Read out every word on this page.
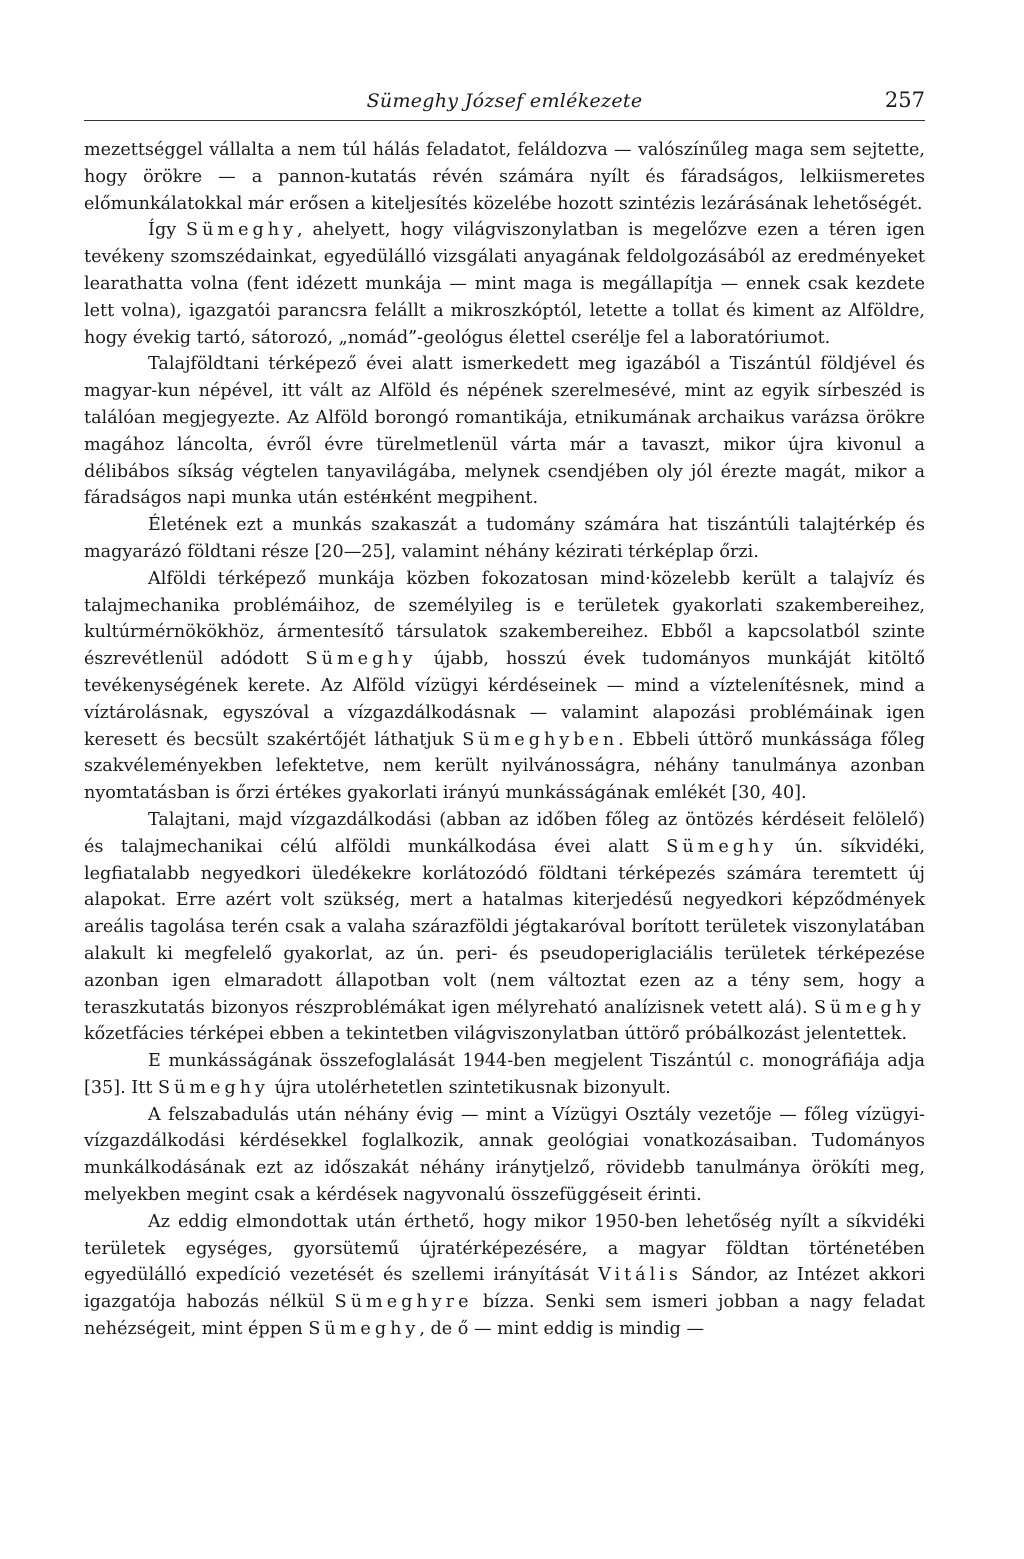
Sümeghy József emlékezete	257

mezettséggel vállalta a nem túl hálás feladatot, feláldozva — valószínűleg maga sem sejtette, hogy örökre — a pannon-kutatás révén számára nyílt és fáradságos, lelkiismeretes előmunkálatokkal már erősen a kiteljesítés közelébe hozott szintézis lezárásának lehetőségét.

Így Sümeghy, ahelyett, hogy világviszonylatban is megelőzve ezen a téren igen tevékeny szomszédainkat, egyedülálló vizsgálati anyagának feldolgozásából az eredményeket learathatta volna (fent idézett munkája — mint maga is megállapítja — ennek csak kezdete lett volna), igazgatói parancsra felállt a mikroszkóptól, letette a tollat és kiment az Alföldre, hogy évekig tartó, sátorozó, „nomád”-geológus élettel cserélje fel a laboratóriumot.

Talajföldtani térképező évei alatt ismerkedett meg igazából a Tiszántúl földjével és magyar-kun népével, itt vált az Alföld és népének szerelmesévé, mint az egyik sírbeszéd is találóan megjegyezte. Az Alföld borongó romantikája, etnikumának archaikus varázsa örökre magához láncolta, évről évre türelmetlenül várta már a tavaszt, mikor újra kivonul a délibábos síkság végtelen tanyavilágába, melynek csendjében oly jól érezte magát, mikor a fáradságos napi munka után estéнként megpihent.

Életének ezt a munkás szakaszát a tudomány számára hat tiszántúli talajtérkép és magyarázó földtani része [20—25], valamint néhány kézirati térképlap őrzi.

Alföldi térképező munkája közben fokozatosan mind·közelebb került a talajvíz és talajmechanika problémáihoz, de személyileg is e területek gyakorlati szakembereihez, kultúrmérnökökhöz, ármentesítő társulatok szakembereihez. Ebből a kapcsolatból szinte észrevétlenül adódott Sümeghy újabb, hosszú évek tudományos munkáját kitöltő tevékenységének kerete. Az Alföld vízügyi kérdéseinek — mind a víztelenítésnek, mind a víztárolásnak, egyszóval a vízgazdálkodásnak — valamint alapozási problémáinak igen keresett és becsült szakértőjét láthatjuk Sümeghyben. Ebbeli úttörő munkássága főleg szakvéleményekben lefektetve, nem került nyilvánosságra, néhány tanulmánya azonban nyomtatásban is őrzi értékes gyakorlati irányú munkásságának emlékét [30, 40].

Talajtani, majd vízgazdálkodási (abban az időben főleg az öntözés kérdéseit felölelő) és talajmechanikai célú alföldi munkálkodása évei alatt Sümeghy ún. síkvidéki, legfiatalabb negyedkori üledékekre korlátozódó földtani térképezés számára teremtett új alapokat. Erre azért volt szükség, mert a hatalmas kiterjedésű negyedkori képződmények areális tagolása terén csak a valaha szárazföldi jégtakaróval borított területek viszonylatában alakult ki megfelelő gyakorlat, az ún. peri- és pseudoperiglaciális területek térképezése azonban igen elmaradott állapotban volt (nem változtat ezen az a tény sem, hogy a teraszkutatás bizonyos részproblémákat igen mélyreható analízisnek vetett alá). Sümeghy kőzetfácies térképei ebben a tekintetben világviszonylatban úttörő próbálkozást jelentettek.

E munkásságának összefoglalását 1944-ben megjelent Tiszántúl c. monográfiája adja [35]. Itt Sümeghy újra utolérhetetlen szintetikusnak bizonyult.

A felszabadulás után néhány évig — mint a Vízügyi Osztály vezetője — főleg vízügyi-vízgazdálkodási kérdésekkel foglalkozik, annak geológiai vonatkozásaiban. Tudományos munkálkodásának ezt az időszakát néhány iránytjelző, rövidebb tanulmánya örökíti meg, melyekben megint csak a kérdések nagyvonalú összefüggéseit érinti.

Az eddig elmondottak után érthető, hogy mikor 1950-ben lehetőség nyílt a síkvidéki területek egységes, gyorsütemű újratérképezésére, a magyar földtan történetében egyedülálló expedíció vezetését és szellemi irányítását Vitális Sándor, az Intézet akkori igazgatója habozás nélkül Sümeghyre bízza. Senki sem ismeri jobban a nagy feladat nehézségeit, mint éppen Sümeghy, de ő — mint eddig is mindig —
